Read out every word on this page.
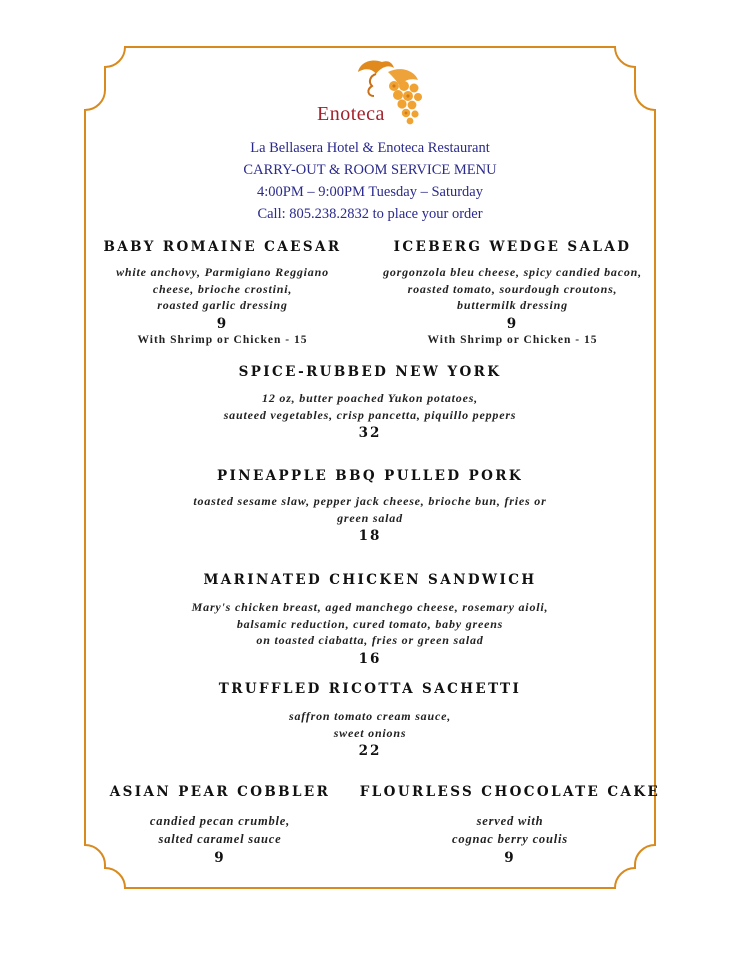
Enoteca
La Bellasera Hotel & Enoteca Restaurant
CARRY-OUT & ROOM SERVICE MENU
4:00PM – 9:00PM Tuesday – Saturday
Call: 805.238.2832 to place your order
BABY ROMAINE CAESAR
white anchovy, Parmigiano Reggiano
cheese, brioche crostini,
roasted garlic dressing
9
With Shrimp or Chicken - 15
ICEBERG WEDGE SALAD
gorgonzola bleu cheese, spicy candied bacon,
roasted tomato, sourdough croutons,
buttermilk dressing
9
With Shrimp or Chicken - 15
SPICE-RUBBED NEW YORK
12 oz, butter poached Yukon potatoes,
sauteed vegetables, crisp pancetta, piquillo peppers
32
PINEAPPLE BBQ PULLED PORK
toasted sesame slaw, pepper jack cheese, brioche bun, fries or
green salad
18
MARINATED CHICKEN SANDWICH
Mary's chicken breast, aged manchego cheese, rosemary aioli,
balsamic reduction, cured tomato, baby greens
on toasted ciabatta, fries or green salad
16
TRUFFLED RICOTTA SACHETTI
saffron tomato cream sauce,
sweet onions
22
ASIAN PEAR COBBLER
candied pecan crumble,
salted caramel sauce
9
FLOURLESS CHOCOLATE CAKE
served with
cognac berry coulis
9
